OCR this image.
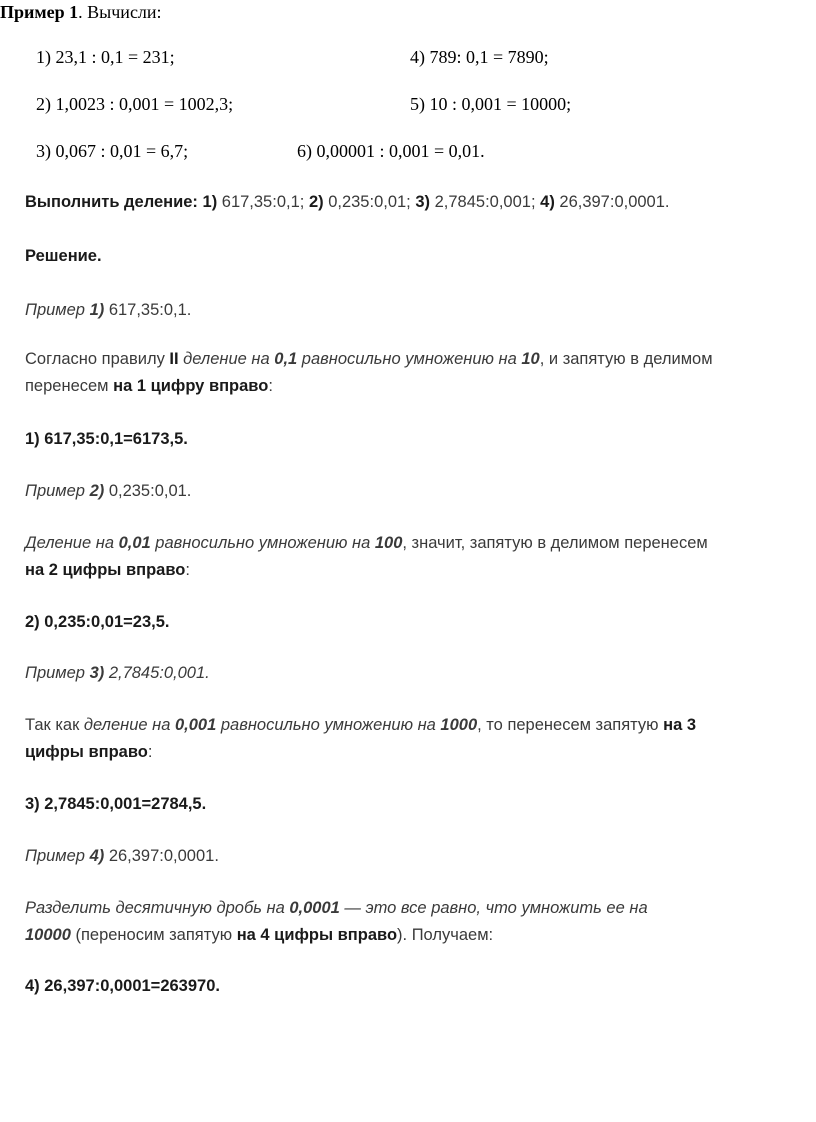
Пример 1. Вычисли:
1) 23,1 : 0,1 = 231;	4) 789: 0,1 = 7890;
2) 1,0023 : 0,001 = 1002,3;	5) 10 : 0,001 = 10000;
3) 0,067 : 0,01 = 6,7;	6) 0,00001 : 0,001 = 0,01.
Выполнить деление: 1) 617,35:0,1; 2) 0,235:0,01; 3) 2,7845:0,001; 4) 26,397:0,0001.
Решение.
Пример 1) 617,35:0,1.
Согласно правилу II деление на 0,1 равносильно умножению на 10, и запятую в делимом
перенесем на 1 цифру вправо:
1) 617,35:0,1=6173,5.
Пример 2) 0,235:0,01.
Деление на 0,01 равносильно умножению на 100, значит, запятую в делимом перенесем
на 2 цифры вправо:
2) 0,235:0,01=23,5.
Пример 3) 2,7845:0,001.
Так как деление на 0,001 равносильно умножению на 1000, то перенесем запятую на 3
цифры вправо:
3) 2,7845:0,001=2784,5.
Пример 4) 26,397:0,0001.
Разделить десятичную дробь на 0,0001 — это все равно, что умножить ее на
10000 (переносим запятую на 4 цифры вправо). Получаем:
4) 26,397:0,0001=263970.
